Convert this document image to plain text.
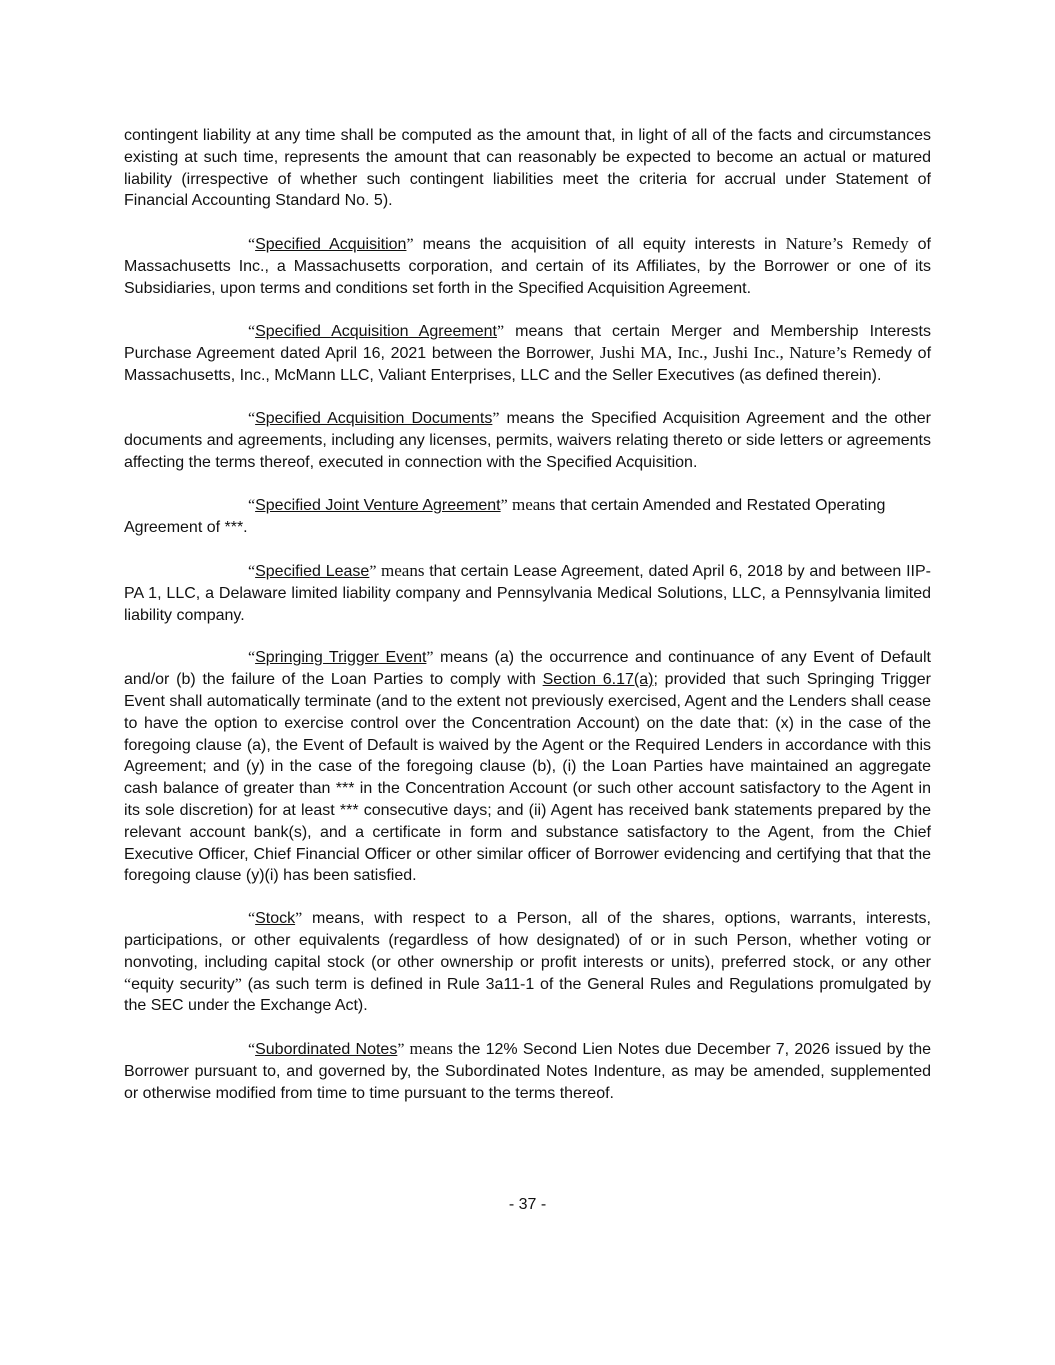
contingent liability at any time shall be computed as the amount that, in light of all of the facts and circumstances existing at such time, represents the amount that can reasonably be expected to become an actual or matured liability (irrespective of whether such contingent liabilities meet the criteria for accrual under Statement of Financial Accounting Standard No. 5).

“Specified Acquisition” means the acquisition of all equity interests in Nature’s Remedy of Massachusetts Inc., a Massachusetts corporation, and certain of its Affiliates, by the Borrower or one of its Subsidiaries, upon terms and conditions set forth in the Specified Acquisition Agreement.

“Specified Acquisition Agreement” means that certain Merger and Membership Interests Purchase Agreement dated April 16, 2021 between the Borrower, Jushi MA, Inc., Jushi Inc., Nature’s Remedy of Massachusetts, Inc., McMann LLC, Valiant Enterprises, LLC and the Seller Executives (as defined therein).

“Specified Acquisition Documents” means the Specified Acquisition Agreement and the other documents and agreements, including any licenses, permits, waivers relating thereto or side letters or agreements affecting the terms thereof, executed in connection with the Specified Acquisition.

“Specified Joint Venture Agreement” means that certain Amended and Restated Operating Agreement of ***.

“Specified Lease” means that certain Lease Agreement, dated April 6, 2018 by and between IIP-PA 1, LLC, a Delaware limited liability company and Pennsylvania Medical Solutions, LLC, a Pennsylvania limited liability company.

“Springing Trigger Event” means (a) the occurrence and continuance of any Event of Default and/or (b) the failure of the Loan Parties to comply with Section 6.17(a); provided that such Springing Trigger Event shall automatically terminate (and to the extent not previously exercised, Agent and the Lenders shall cease to have the option to exercise control over the Concentration Account) on the date that: (x) in the case of the foregoing clause (a), the Event of Default is waived by the Agent or the Required Lenders in accordance with this Agreement; and (y) in the case of the foregoing clause (b), (i) the Loan Parties have maintained an aggregate cash balance of greater than *** in the Concentration Account (or such other account satisfactory to the Agent in its sole discretion) for at least *** consecutive days; and (ii) Agent has received bank statements prepared by the relevant account bank(s), and a certificate in form and substance satisfactory to the Agent, from the Chief Executive Officer, Chief Financial Officer or other similar officer of Borrower evidencing and certifying that that the foregoing clause (y)(i) has been satisfied.

“Stock” means, with respect to a Person, all of the shares, options, warrants, interests, participations, or other equivalents (regardless of how designated) of or in such Person, whether voting or nonvoting, including capital stock (or other ownership or profit interests or units), preferred stock, or any other “equity security” (as such term is defined in Rule 3a11-1 of the General Rules and Regulations promulgated by the SEC under the Exchange Act).

“Subordinated Notes” means the 12% Second Lien Notes due December 7, 2026 issued by the Borrower pursuant to, and governed by, the Subordinated Notes Indenture, as may be amended, supplemented or otherwise modified from time to time pursuant to the terms thereof.

- 37 -
